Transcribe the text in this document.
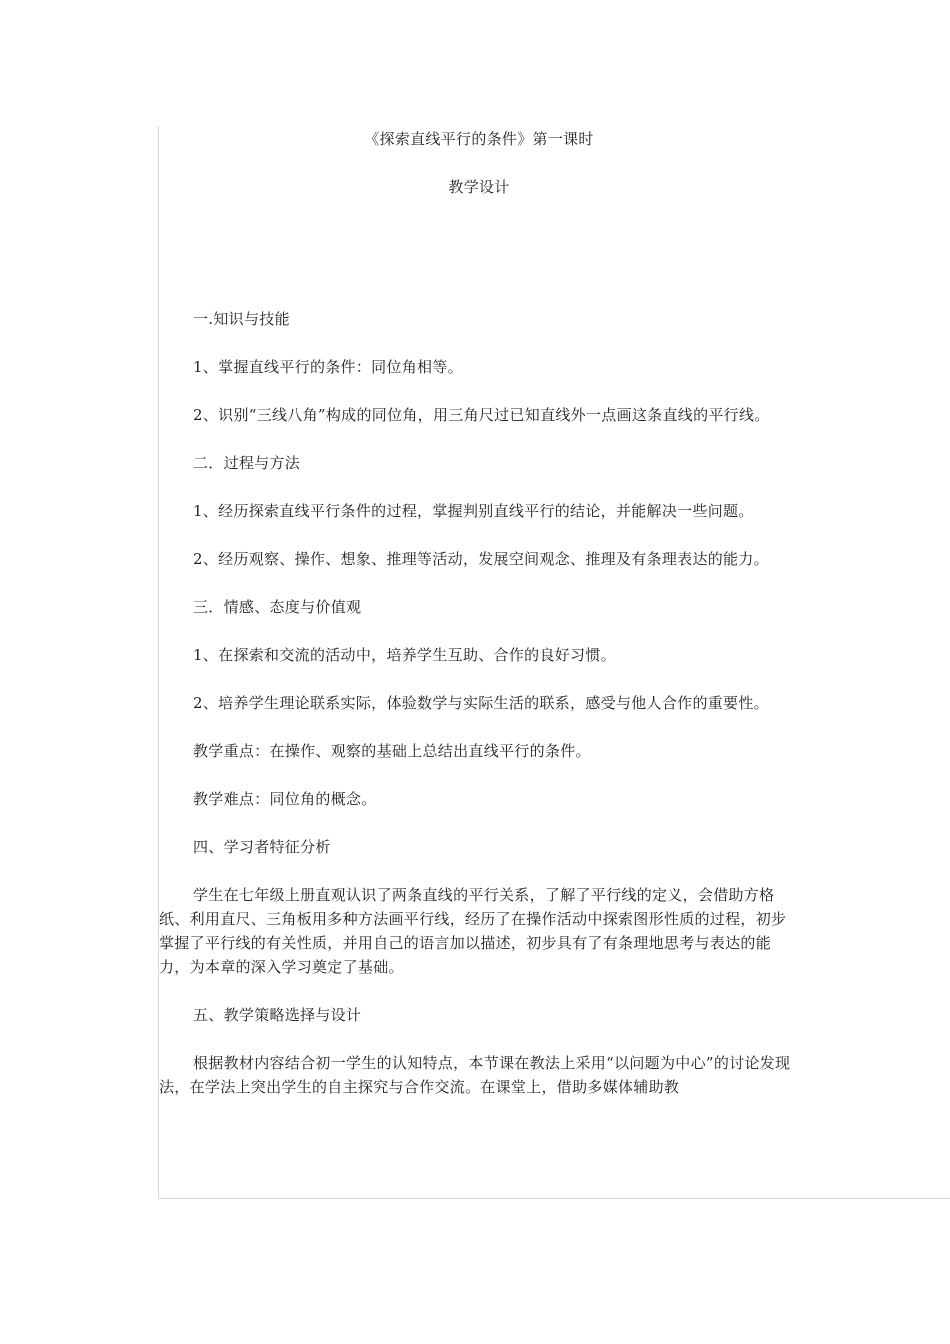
《探索直线平行的条件》第一课时

教学设计

一.知识与技能

1、掌握直线平行的条件：同位角相等。

2、识别“三线八角”构成的同位角，用三角尺过已知直线外一点画这条直线的平行线。

二．过程与方法

1、经历探索直线平行条件的过程，掌握判别直线平行的结论，并能解决一些问题。

2、经历观察、操作、想象、推理等活动，发展空间观念、推理及有条理表达的能力。

三．情感、态度与价值观

1、在探索和交流的活动中，培养学生互助、合作的良好习惯。

2、培养学生理论联系实际，体验数学与实际生活的联系，感受与他人合作的重要性。

教学重点：在操作、观察的基础上总结出直线平行的条件。

教学难点：同位角的概念。

四、学习者特征分析

学生在七年级上册直观认识了两条直线的平行关系，了解了平行线的定义，会借助方格纸、利用直尺、三角板用多种方法画平行线，经历了在操作活动中探索图形性质的过程，初步掌握了平行线的有关性质，并用自己的语言加以描述，初步具有了有条理地思考与表达的能力，为本章的深入学习奠定了基础。

五、教学策略选择与设计

根据教材内容结合初一学生的认知特点，本节课在教法上采用“以问题为中心”的讨论发现法，在学法上突出学生的自主探究与合作交流。在课堂上，借助多媒体辅助教
